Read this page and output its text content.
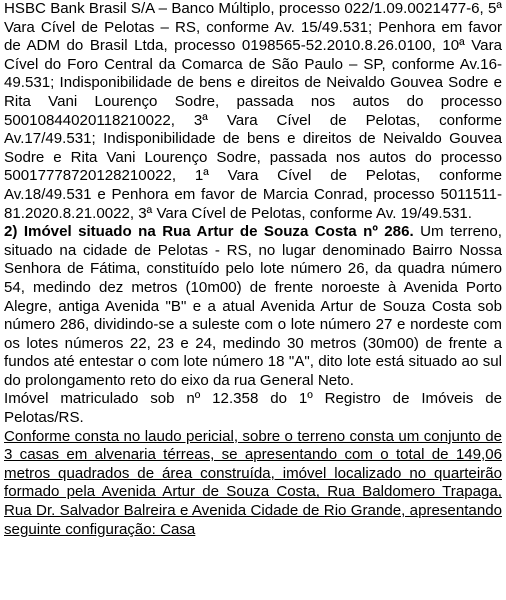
HSBC Bank Brasil S/A – Banco Múltiplo, processo 022/1.09.0021477-6, 5ª Vara Cível de Pelotas – RS, conforme Av. 15/49.531; Penhora em favor de ADM do Brasil Ltda, processo 0198565-52.2010.8.26.0100, 10ª Vara Cível do Foro Central da Comarca de São Paulo – SP, conforme Av.16-49.531; Indisponibilidade de bens e direitos de Neivaldo Gouvea Sodre e Rita Vani Lourenço Sodre, passada nos autos do processo 50010844020118210022, 3ª Vara Cível de Pelotas, conforme Av.17/49.531; Indisponibilidade de bens e direitos de Neivaldo Gouvea Sodre e Rita Vani Lourenço Sodre, passada nos autos do processo 50017778720128210022, 1ª Vara Cível de Pelotas, conforme Av.18/49.531 e Penhora em favor de Marcia Conrad, processo 5011511-81.2020.8.21.0022, 3ª Vara Cível de Pelotas, conforme Av. 19/49.531.

2) Imóvel situado na Rua Artur de Souza Costa nº 286. Um terreno, situado na cidade de Pelotas - RS, no lugar denominado Bairro Nossa Senhora de Fátima, constituído pelo lote número 26, da quadra número 54, medindo dez metros (10m00) de frente noroeste à Avenida Porto Alegre, antiga Avenida "B" e a atual Avenida Artur de Souza Costa sob número 286, dividindo-se a suleste com o lote número 27 e nordeste com os lotes números 22, 23 e 24, medindo 30 metros (30m00) de frente a fundos até entestar o com lote número 18 "A", dito lote está situado ao sul do prolongamento reto do eixo da rua General Neto.

Imóvel matriculado sob nº 12.358 do 1º Registro de Imóveis de Pelotas/RS.

Conforme consta no laudo pericial, sobre o terreno consta um conjunto de 3 casas em alvenaria térreas, se apresentando com o total de 149,06 metros quadrados de área construída, imóvel localizado no quarteirão formado pela Avenida Artur de Souza Costa, Rua Baldomero Trapaga, Rua Dr. Salvador Balreira e Avenida Cidade de Rio Grande, apresentando seguinte configuração: Casa
